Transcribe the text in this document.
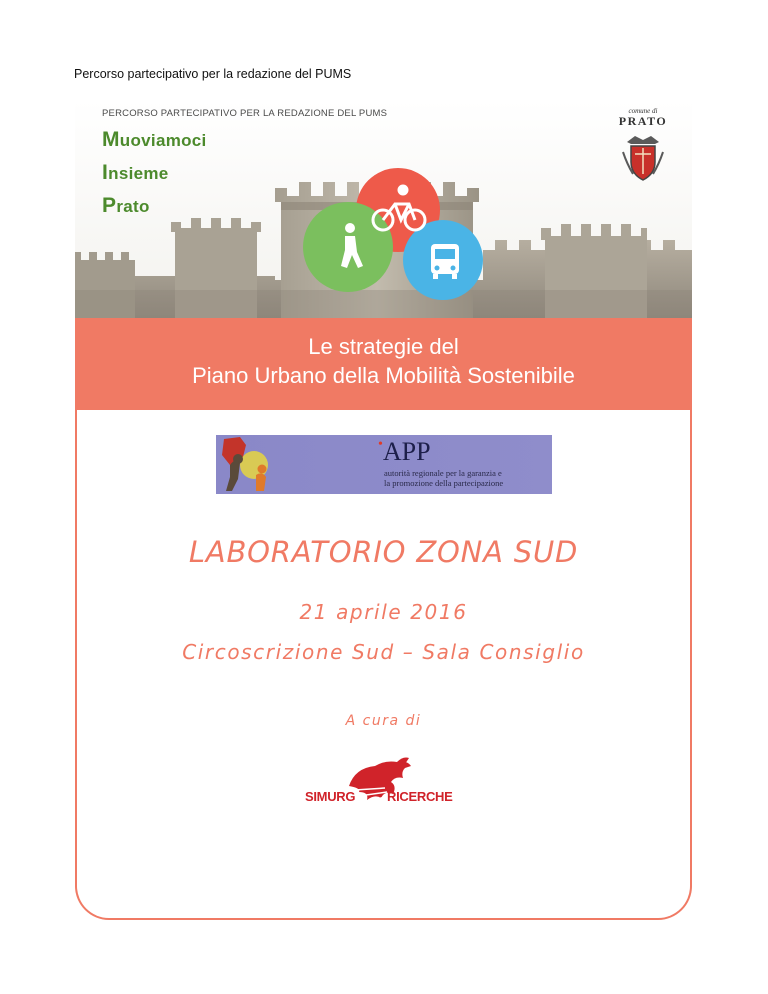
Percorso partecipativo per la redazione del PUMS
PERCORSO PARTECIPATIVO PER LA REDAZIONE DEL PUMS
Muoviamoci
Insieme
Prato
comune di
PRATO
Le strategie del
Piano Urbano della Mobilità Sostenibile
•APP
autorità regionale per la garanzia e
la promozione della partecipazione
LABORATORIO ZONA SUD
21 aprile 2016
Circoscrizione Sud – Sala Consiglio
A cura di
SIMURG RICERCHE
